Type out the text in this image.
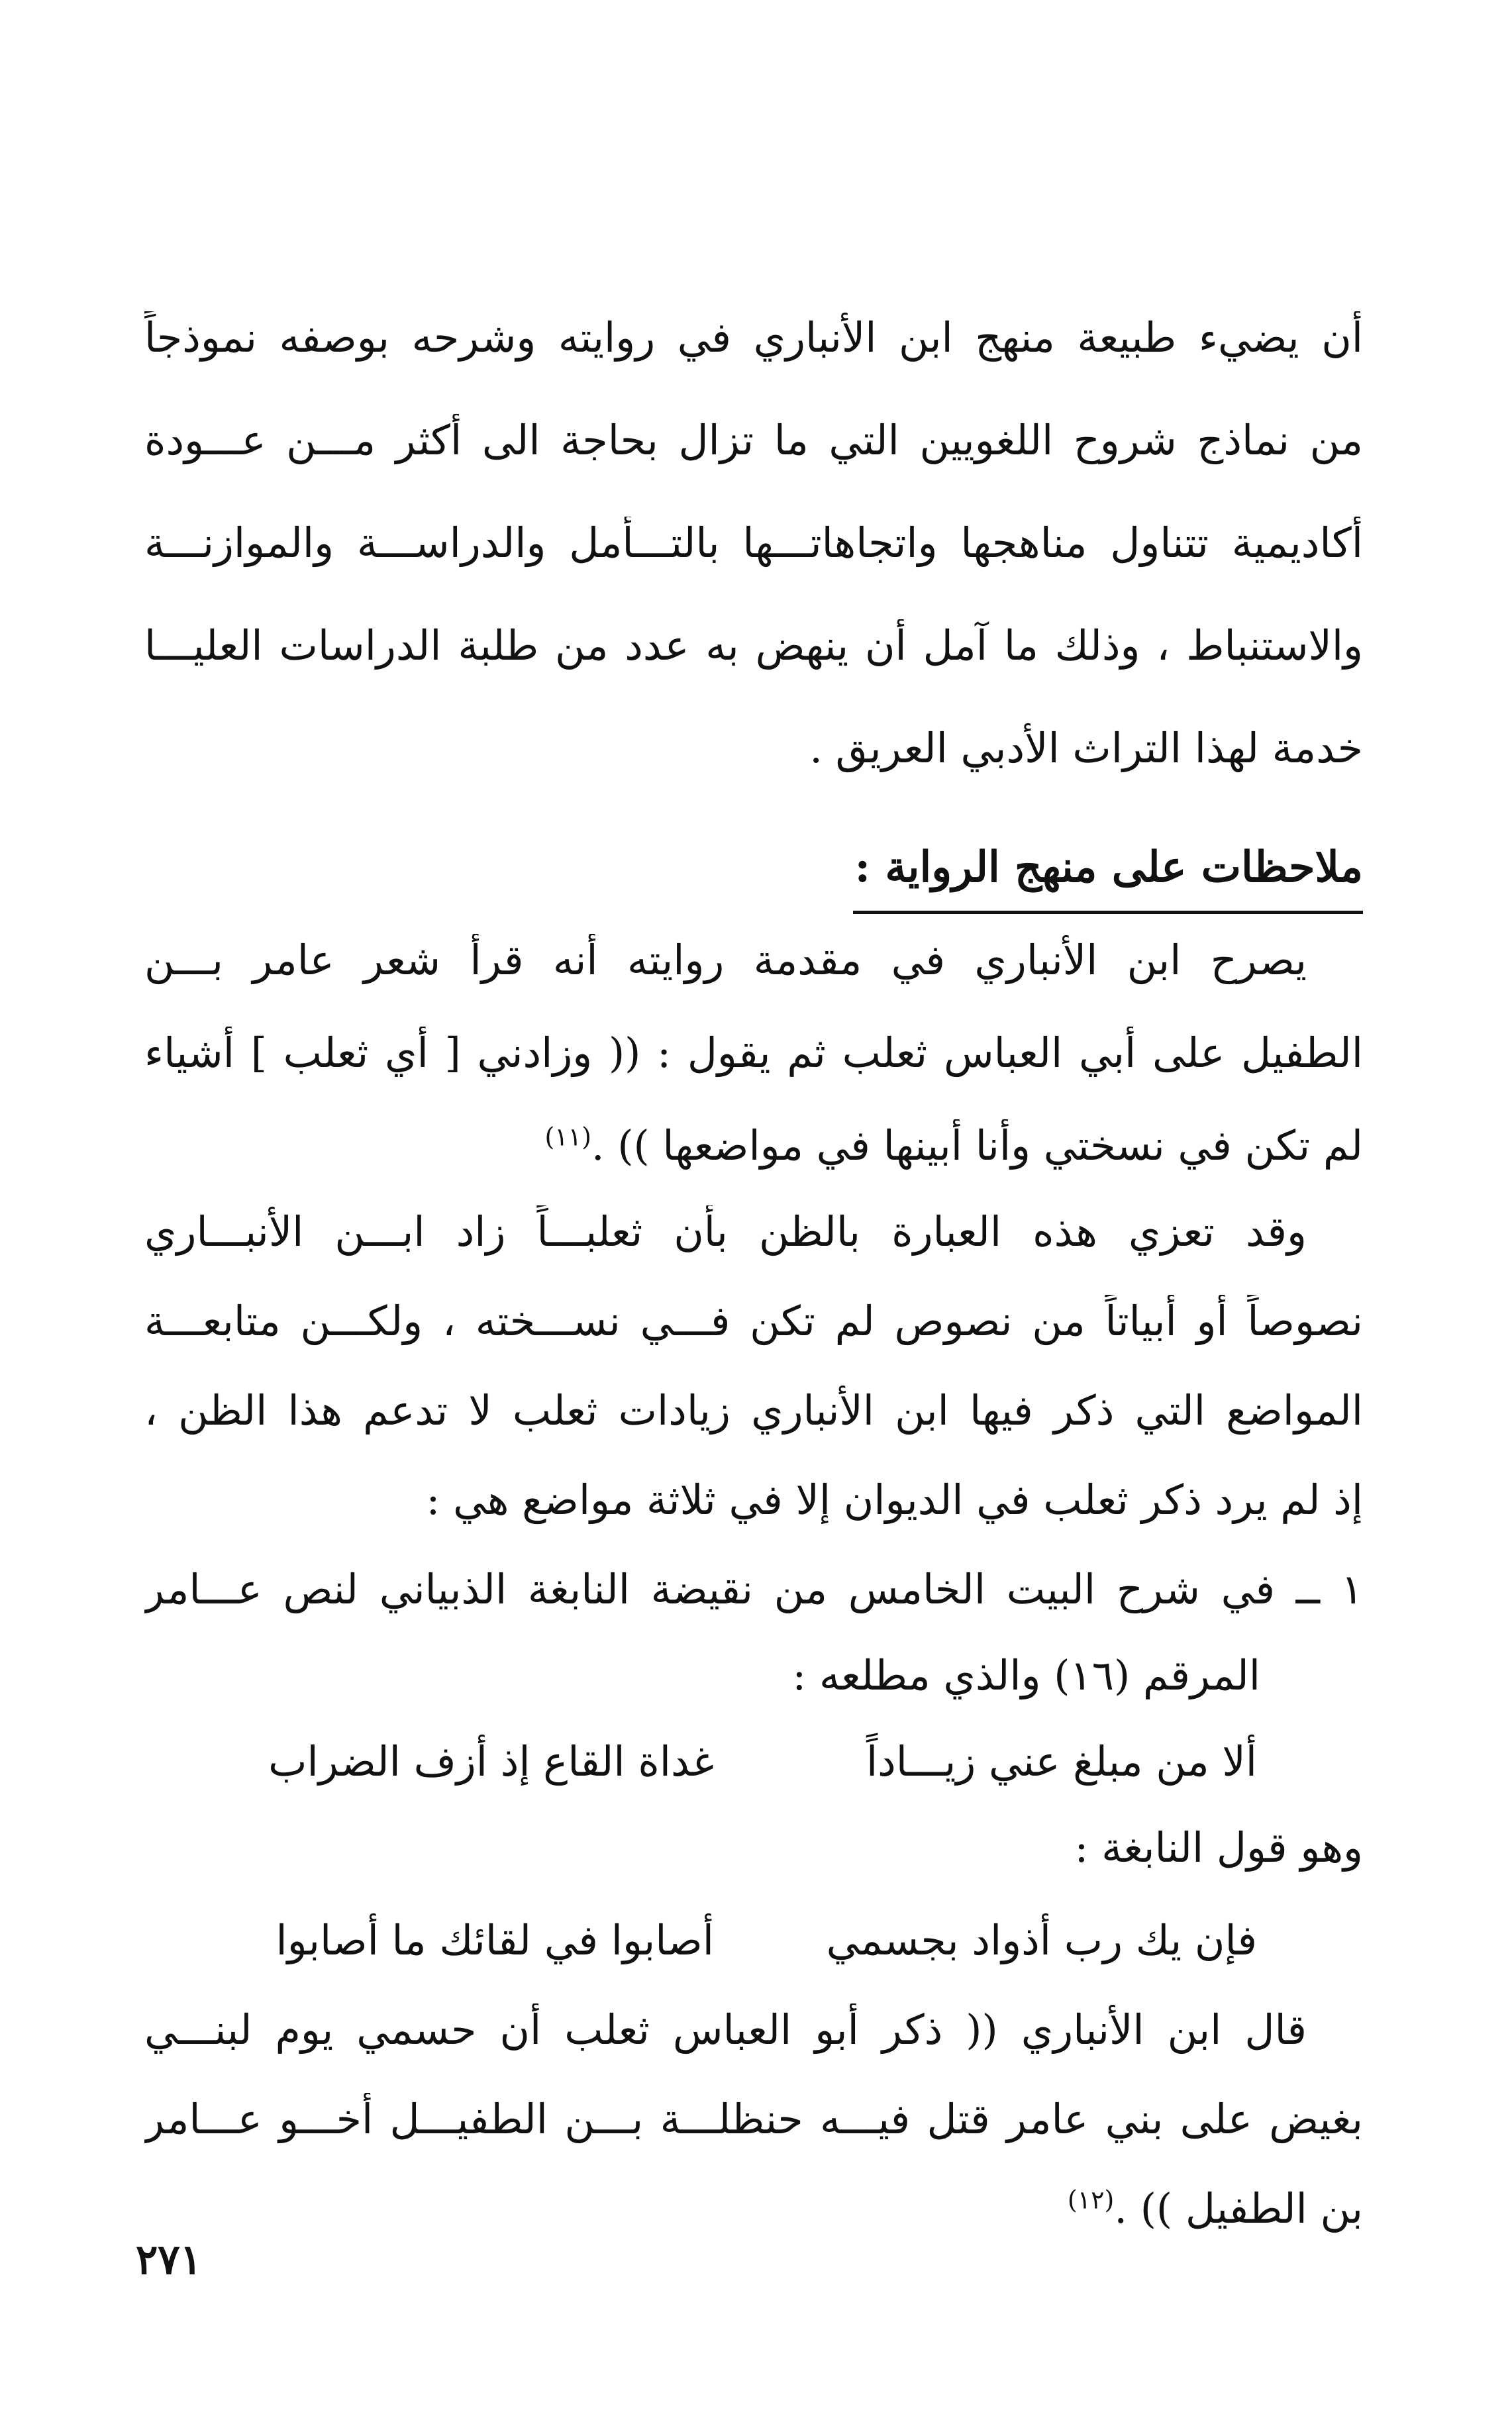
أن يضيء طبيعة منهج ابن الأنباري في روايته وشرحه بوصفه نموذجاً
من نماذج شروح اللغويين التي ما تزال بحاجة الى أكثر مـــن عـــودة
أكاديمية تتناول مناهجها واتجاهاتـــها بالتـــأمل والدراســـة والموازنـــة
والاستنباط ، وذلك ما آمل أن ينهض به عدد من طلبة الدراسات العليـــا
خدمة لهذا التراث الأدبي العريق .
ملاحظات على منهج الرواية :
يصرح ابن الأنباري في مقدمة روايته أنه قرأ شعر عامر بـــن
الطفيل على أبي العباس ثعلب ثم يقول : (( وزادني [ أي ثعلب ] أشياء
لم تكن في نسختي وأنا أبينها في مواضعها )) .$^{(١١)}$
وقد تعزي هذه العبارة بالظن بأن ثعلبـــاً زاد ابـــن الأنبـــاري
نصوصاً أو أبياتاً من نصوص لم تكن فـــي نســـخته ، ولكـــن متابعـــة
المواضع التي ذكر فيها ابن الأنباري زيادات ثعلب لا تدعم هذا الظن ،
إذ لم يرد ذكر ثعلب في الديوان إلا في ثلاثة مواضع هي :
١ ــ في شرح البيت الخامس من نقيضة النابغة الذبياني لنص عـــامر
المرقم (١٦) والذي مطلعه :
ألا من مبلغ عني زيـــاداً
غداة القاع إذ أزف الضراب
وهو قول النابغة :
فإن يك رب أذواد بجسمي
أصابوا في لقائك ما أصابوا
قال ابن الأنباري (( ذكر أبو العباس ثعلب أن حسمي يوم لبنـــي
بغيض على بني عامر قتل فيـــه حنظلـــة بـــن الطفيـــل أخـــو عـــامر
بن الطفيل )) .$^{(١٢)}$
٢٧١
